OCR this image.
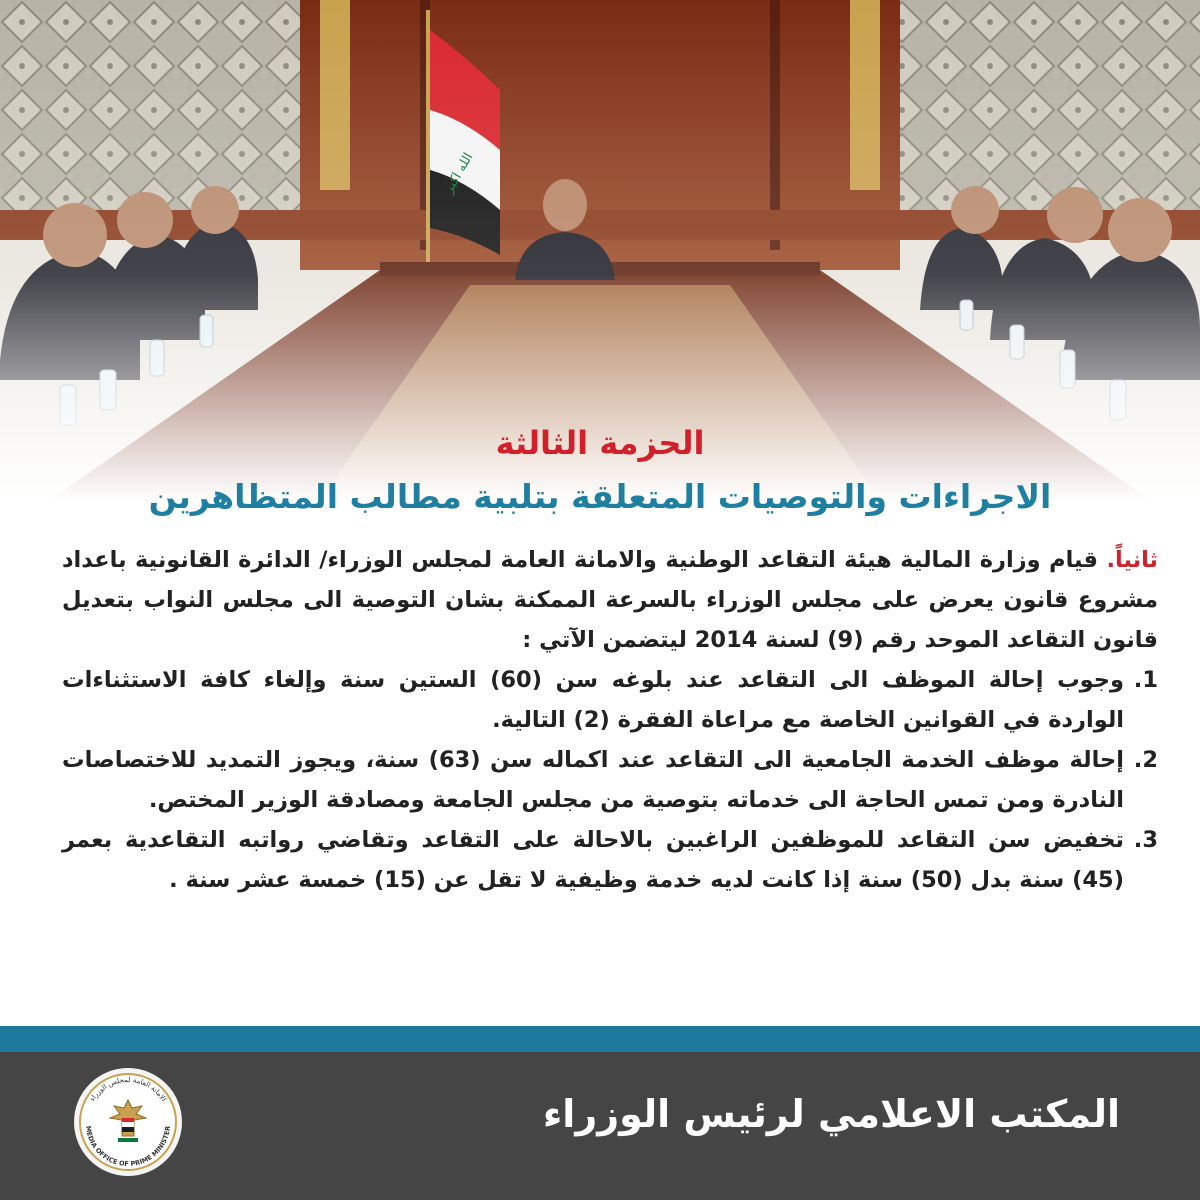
الحزمة الثالثة

الاجراءات والتوصيات المتعلقة بتلبية مطالب المتظاهرين

ثانياً. قيام وزارة المالية هيئة التقاعد الوطنية والامانة العامة لمجلس الوزراء/ الدائرة القانونية باعداد مشروع قانون يعرض على مجلس الوزراء بالسرعة الممكنة بشان التوصية الى مجلس النواب بتعديل قانون التقاعد الموحد رقم (9) لسنة 2014 ليتضمن الآتي :

1.
وجوب إحالة الموظف الى التقاعد عند بلوغه سن (60) الستين سنة وإلغاء كافة الاستثناءات الواردة في القوانين الخاصة مع مراعاة الفقرة (2) التالية.
2.
إحالة موظف الخدمة الجامعية الى التقاعد عند اكماله سن (63) سنة، ويجوز التمديد للاختصاصات النادرة ومن تمس الحاجة الى خدماته بتوصية من مجلس الجامعة ومصادقة الوزير المختص.
3.
تخفيض سن التقاعد للموظفين الراغبين بالاحالة على التقاعد وتقاضي رواتبه التقاعدية بعمر (45) سنة بدل (50) سنة إذا كانت لديه خدمة وظيفية لا تقل عن (15) خمسة عشر سنة .
الامانة العامة لمجلس الوزراء
MEDIA OFFICE OF PRIME MINISTER	المكتب الاعلامي لرئيس الوزراء
